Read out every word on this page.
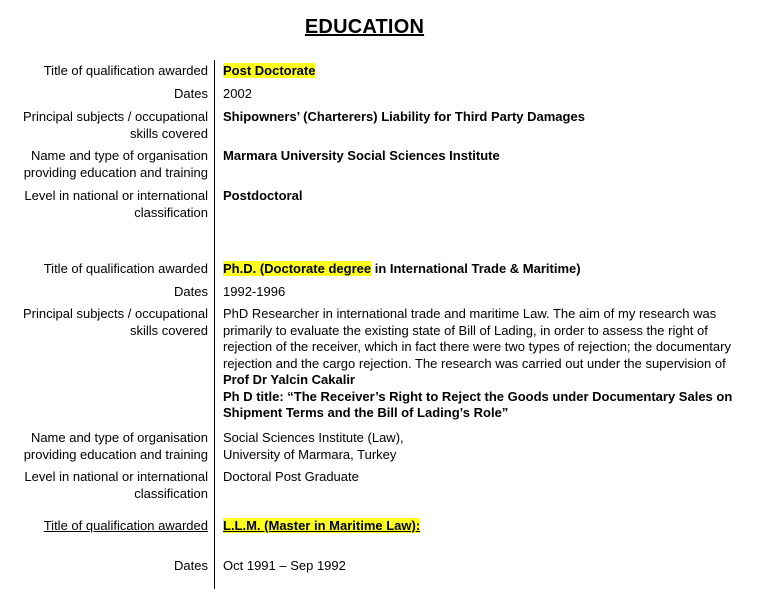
EDUCATION
Title of qualification awarded Post Doctorate
Dates 2002
Principal subjects / occupational
skills covered
Shipowners’ (Charterers) Liability for Third Party Damages
Name and type of organisation
providing education and training
Marmara University Social Sciences Institute
Level in national or international
classification
Postdoctoral
Title of qualification awarded Ph.D. (Doctorate degree in International Trade & Maritime)
Dates 1992-1996
Principal subjects / occupational
skills covered
PhD Researcher in international trade and maritime Law. The aim of my research was
primarily to evaluate the existing state of Bill of Lading, in order to assess the right of
rejection of the receiver, which in fact there were two types of rejection; the documentary
rejection and the cargo rejection. The research was carried out under the supervision of
Prof Dr Yalcin Cakalir
Ph D title: “The Receiver’s Right to Reject the Goods under Documentary Sales on
Shipment Terms and the Bill of Lading’s Role”
Name and type of organisation
providing education and training
Social Sciences Institute (Law),
University of Marmara, Turkey
Level in national or international
classification
Doctoral Post Graduate
Title of qualification awarded L.L.M. (Master in Maritime Law):
Dates Oct 1991 – Sep 1992
